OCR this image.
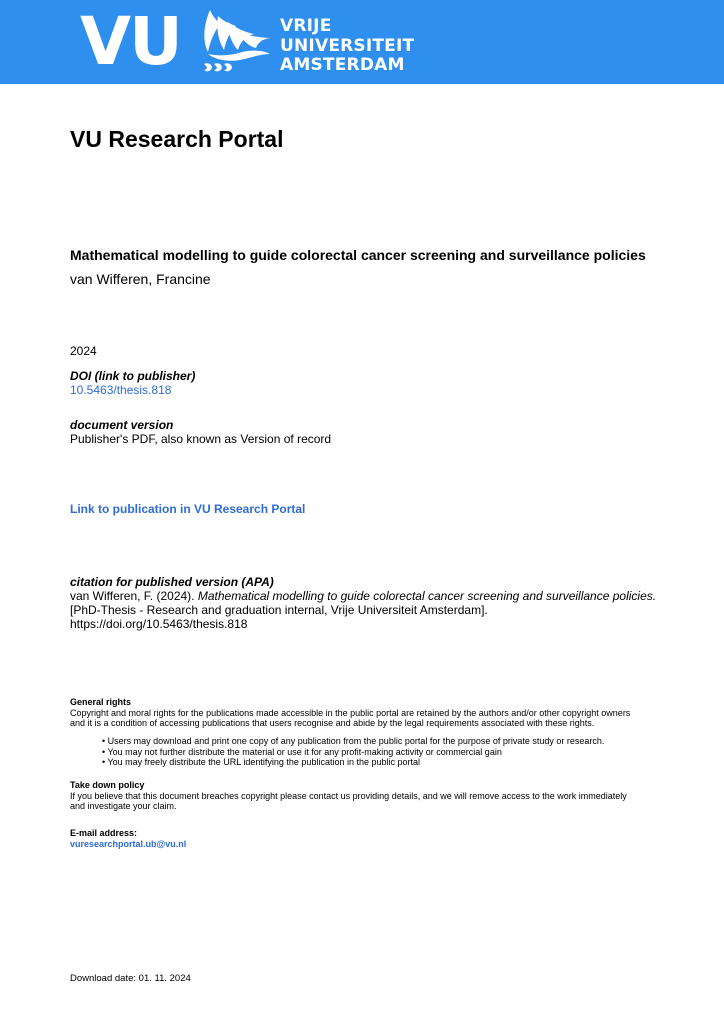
VU	VRIJE
UNIVERSITEIT
AMSTERDAM
VU Research Portal
Mathematical modelling to guide colorectal cancer screening and surveillance policies
van Wifferen, Francine
2024
DOI (link to publisher)
10.5463/thesis.818
document version
Publisher's PDF, also known as Version of record
Link to publication in VU Research Portal
citation for published version (APA)
van Wifferen, F. (2024). Mathematical modelling to guide colorectal cancer screening and surveillance policies.
[PhD-Thesis - Research and graduation internal, Vrije Universiteit Amsterdam].
https://doi.org/10.5463/thesis.818
General rights
Copyright and moral rights for the publications made accessible in the public portal are retained by the authors and/or other copyright owners
and it is a condition of accessing publications that users recognise and abide by the legal requirements associated with these rights.
• Users may download and print one copy of any publication from the public portal for the purpose of private study or research.
• You may not further distribute the material or use it for any profit-making activity or commercial gain
• You may freely distribute the URL identifying the publication in the public portal
Take down policy
If you believe that this document breaches copyright please contact us providing details, and we will remove access to the work immediately
and investigate your claim.
E-mail address:
vuresearchportal.ub@vu.nl
Download date: 01. 11. 2024
